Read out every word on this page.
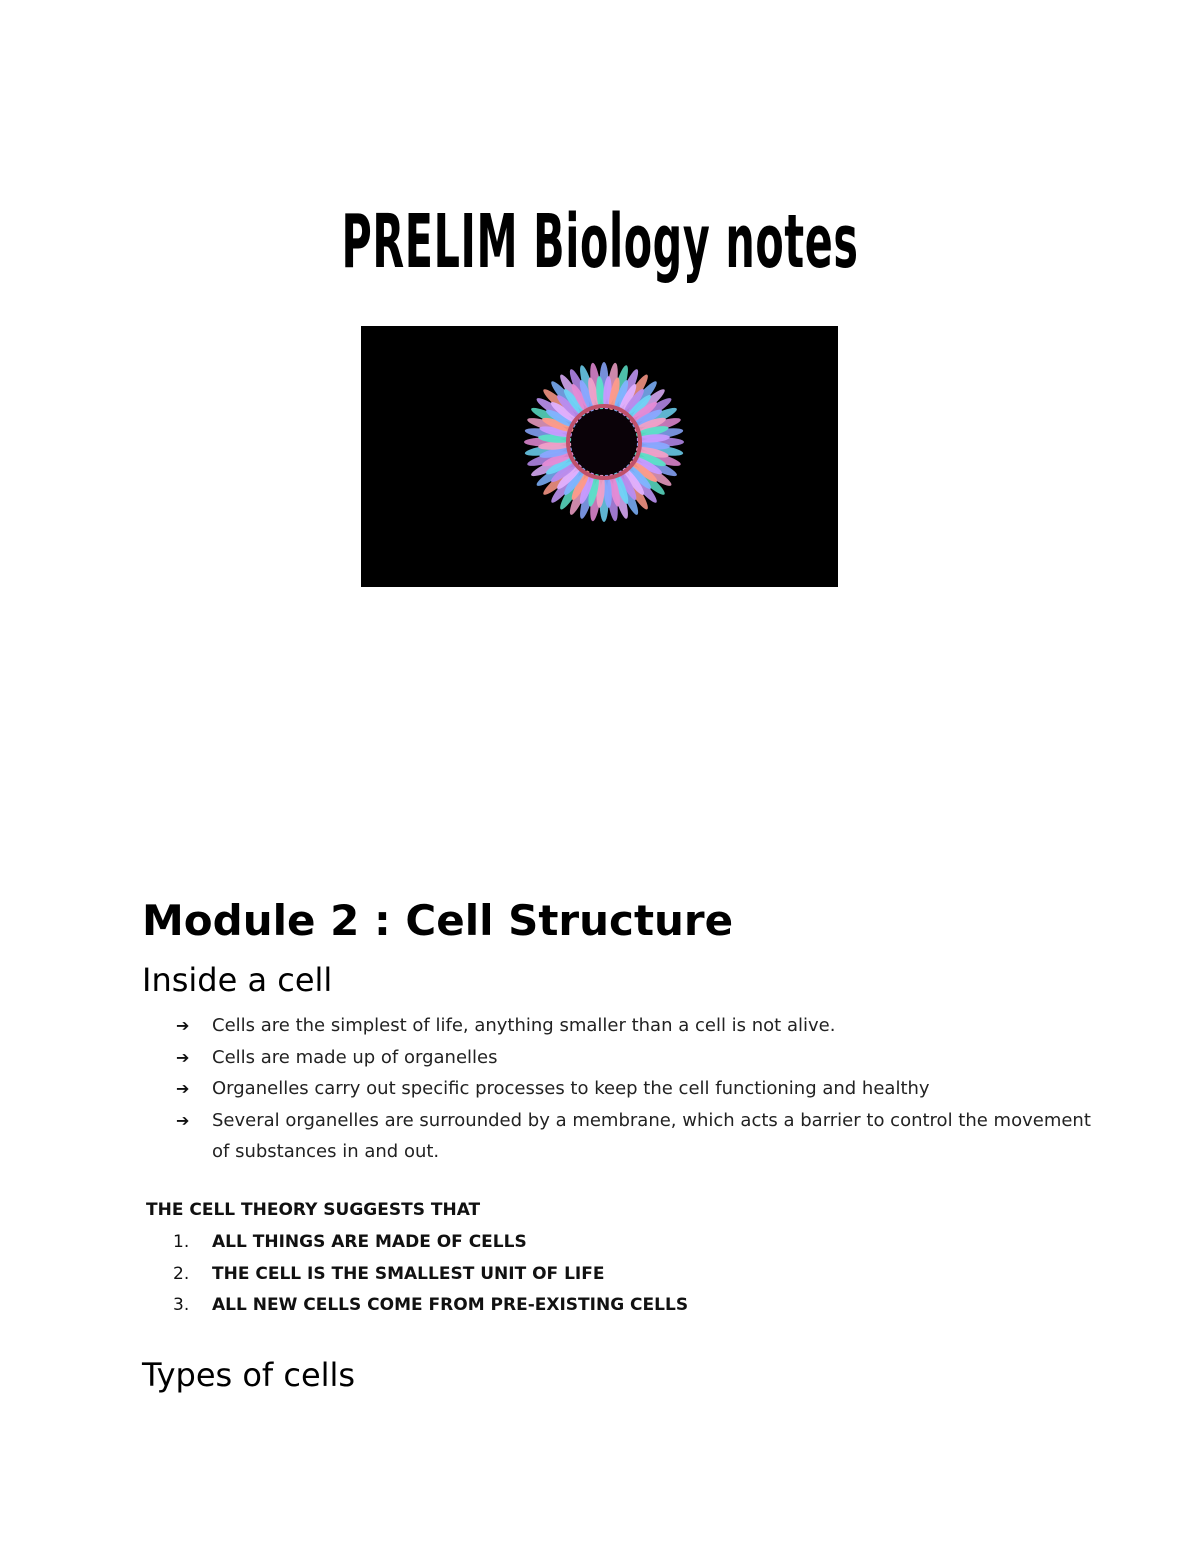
PRELIM Biology notes
Module 2 : Cell Structure
Inside a cell
➔ Cells are the simplest of life, anything smaller than a cell is not alive.
➔ Cells are made up of organelles
➔ Organelles carry out specific processes to keep the cell functioning and healthy
➔ Several organelles are surrounded by a membrane, which acts a barrier to control the movement of substances in and out.
THE CELL THEORY SUGGESTS THAT
1. ALL THINGS ARE MADE OF CELLS
2. THE CELL IS THE SMALLEST UNIT OF LIFE
3. ALL NEW CELLS COME FROM PRE-EXISTING CELLS
Types of cells
